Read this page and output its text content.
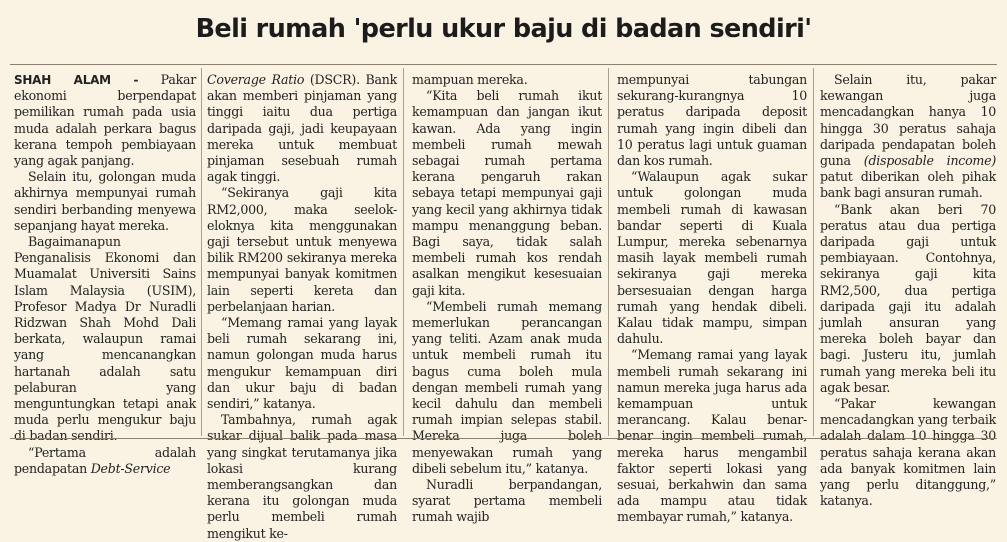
Beli rumah 'perlu ukur baju di badan sendiri'

SHAH ALAM - Pakar ekonomi berpendapat pemilikan rumah pada usia muda adalah perkara bagus kerana tempoh pembiayaan yang agak panjang.

Selain itu, golongan muda akhirnya mempunyai rumah sendiri berbanding menyewa sepanjang hayat mereka.

Bagaimanapun Penganalisis Ekonomi dan Muamalat Universiti Sains Islam Malaysia (USIM), Profesor Madya Dr Nuradli Ridzwan Shah Mohd Dali berkata, walaupun ramai yang mencanangkan hartanah adalah satu pelaburan yang menguntungkan tetapi anak muda perlu mengukur baju di badan sendiri.

“Pertama adalah pendapatan Debt-Service

Coverage Ratio (DSCR). Bank akan memberi pinjaman yang tinggi iaitu dua pertiga daripada gaji, jadi keupayaan mereka untuk membuat pinjaman sesebuah rumah agak tinggi.

“Sekiranya gaji kita RM2,000, maka seelok-eloknya kita menggunakan gaji tersebut untuk menyewa bilik RM200 sekiranya mereka mempunyai banyak komitmen lain seperti kereta dan perbelanjaan harian.

“Memang ramai yang layak beli rumah sekarang ini, namun golongan muda harus mengukur kemampuan diri dan ukur baju di badan sendiri,” katanya.

Tambahnya, rumah agak sukar dijual balik pada masa yang singkat terutamanya jika lokasi kurang memberangsangkan dan kerana itu golongan muda perlu membeli rumah mengikut ke-

mampuan mereka.

“Kita beli rumah ikut kemampuan dan jangan ikut kawan. Ada yang ingin membeli rumah mewah sebagai rumah pertama kerana pengaruh rakan sebaya tetapi mempunyai gaji yang kecil yang akhirnya tidak mampu menanggung beban. Bagi saya, tidak salah membeli rumah kos rendah asalkan mengikut kesesuaian gaji kita.

“Membeli rumah memang memerlukan perancangan yang teliti. Azam anak muda untuk membeli rumah itu bagus cuma boleh mula dengan membeli rumah yang kecil dahulu dan membeli rumah impian selepas stabil. Mereka juga boleh menyewakan rumah yang dibeli sebelum itu,” katanya.

Nuradli berpandangan, syarat pertama membeli rumah wajib

mempunyai tabungan sekurang-kurangnya 10 peratus daripada deposit rumah yang ingin dibeli dan 10 peratus lagi untuk guaman dan kos rumah.

“Walaupun agak sukar untuk golongan muda membeli rumah di kawasan bandar seperti di Kuala Lumpur, mereka sebenarnya masih layak membeli rumah sekiranya gaji mereka bersesuaian dengan harga rumah yang hendak dibeli. Kalau tidak mampu, simpan dahulu.

“Memang ramai yang layak membeli rumah sekarang ini namun mereka juga harus ada kemampuan untuk merancang. Kalau benar-benar ingin membeli rumah, mereka harus mengambil faktor seperti lokasi yang sesuai, berkahwin dan sama ada mampu atau tidak membayar rumah,” katanya.

Selain itu, pakar kewangan juga mencadangkan hanya 10 hingga 30 peratus sahaja daripada pendapatan boleh guna (disposable income) patut diberikan oleh pihak bank bagi ansuran rumah.

“Bank akan beri 70 peratus atau dua pertiga daripada gaji untuk pembiayaan. Contohnya, sekiranya gaji kita RM2,500, dua pertiga daripada gaji itu adalah jumlah ansuran yang mereka boleh bayar dan bagi. Justeru itu, jumlah rumah yang mereka beli itu agak besar.

“Pakar kewangan mencadangkan yang terbaik adalah dalam 10 hingga 30 peratus sahaja kerana akan ada banyak komitmen lain yang perlu ditanggung,” katanya.
